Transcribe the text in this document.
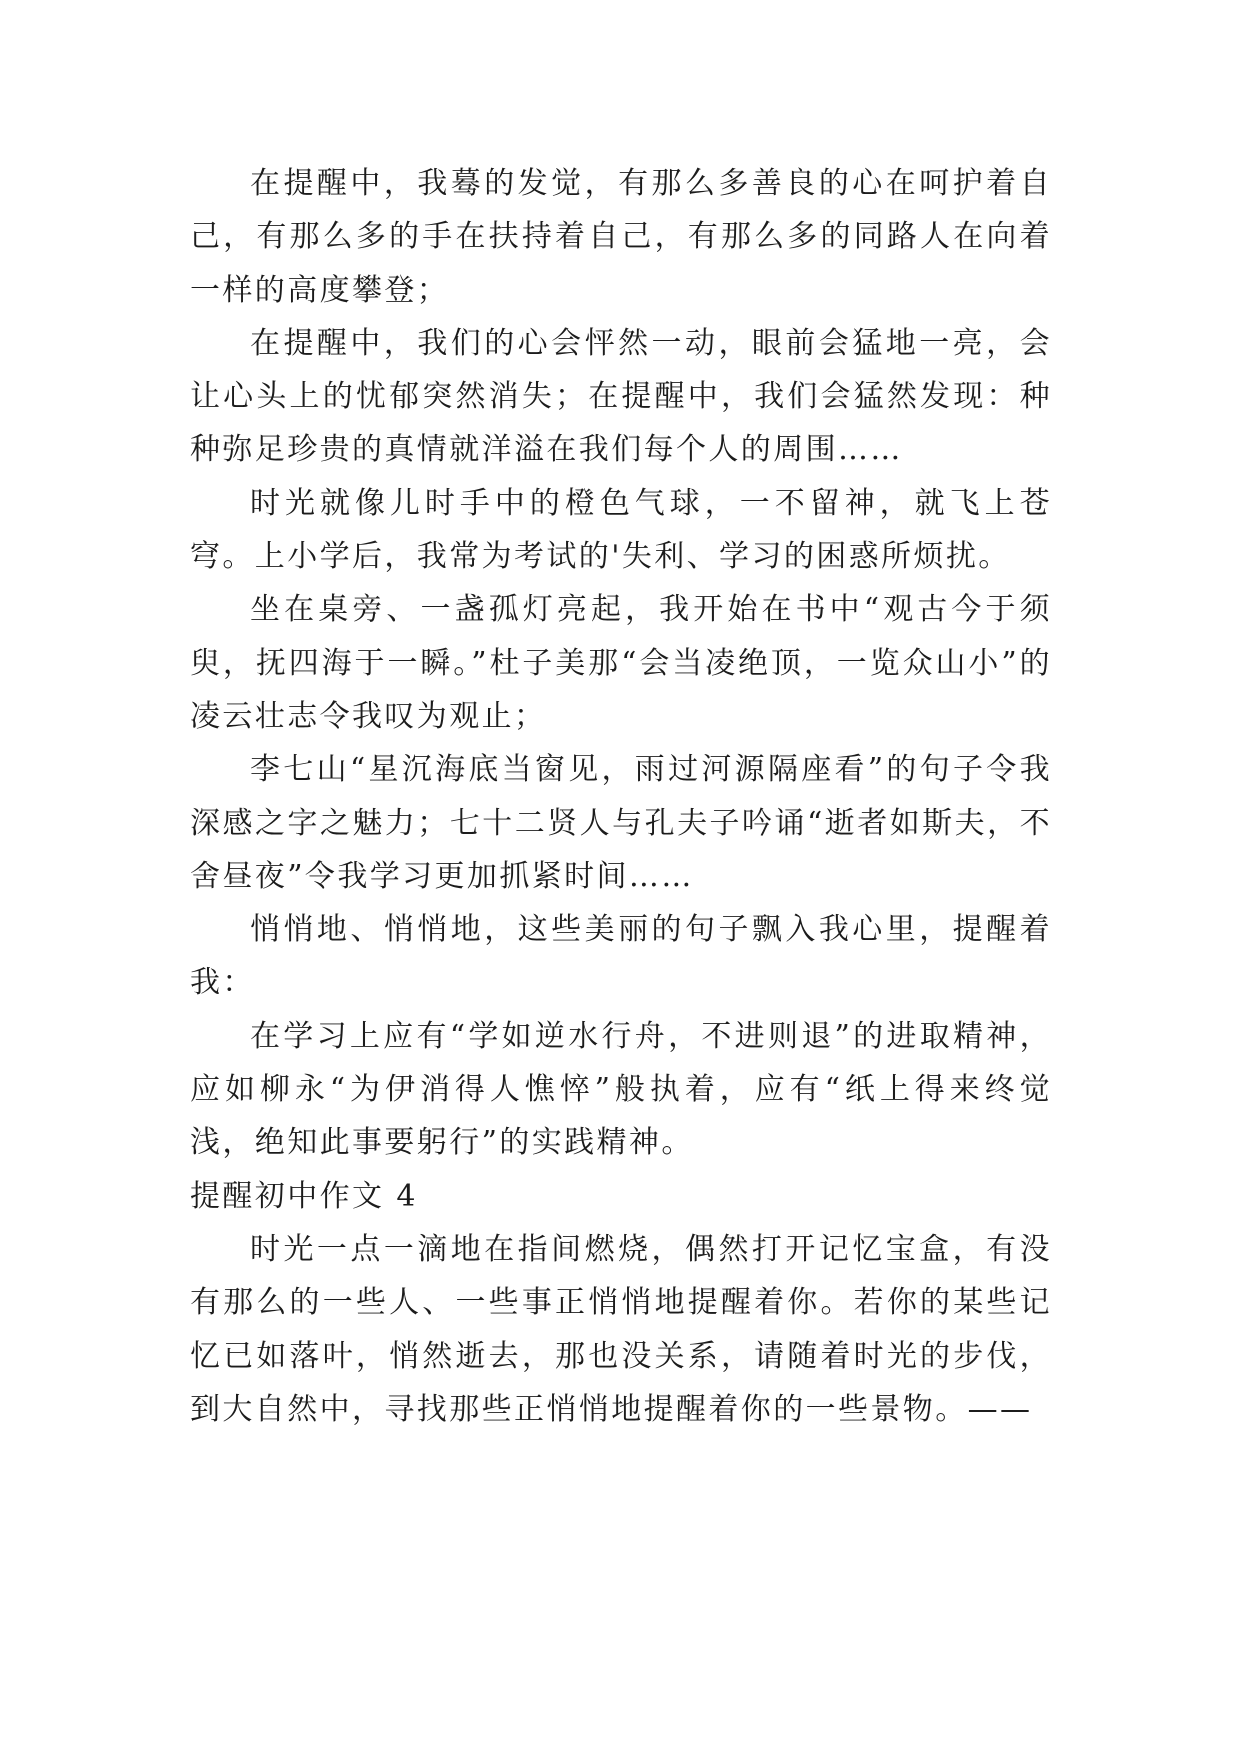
在提醒中，我蓦的发觉，有那么多善良的心在呵护着自己，有那么多的手在扶持着自己，有那么多的同路人在向着一样的高度攀登；

在提醒中，我们的心会怦然一动，眼前会猛地一亮，会让心头上的忧郁突然消失；在提醒中，我们会猛然发现：种种弥足珍贵的真情就洋溢在我们每个人的周围……

时光就像儿时手中的橙色气球，一不留神，就飞上苍穹。上小学后，我常为考试的'失利、学习的困惑所烦扰。

坐在桌旁、一盏孤灯亮起，我开始在书中“观古今于须臾，抚四海于一瞬。”杜子美那“会当凌绝顶，一览众山小”的凌云壮志令我叹为观止；

李七山“星沉海底当窗见，雨过河源隔座看”的句子令我深感之字之魅力；七十二贤人与孔夫子吟诵“逝者如斯夫，不舍昼夜”令我学习更加抓紧时间……

悄悄地、悄悄地，这些美丽的句子飘入我心里，提醒着我：

在学习上应有“学如逆水行舟，不进则退”的进取精神，应如柳永“为伊消得人憔悴”般执着，应有“纸上得来终觉浅，绝知此事要躬行”的实践精神。

提醒初中作文 4

时光一点一滴地在指间燃烧，偶然打开记忆宝盒，有没有那么的一些人、一些事正悄悄地提醒着你。若你的某些记忆已如落叶，悄然逝去，那也没关系，请随着时光的步伐，到大自然中，寻找那些正悄悄地提醒着你的一些景物。——
